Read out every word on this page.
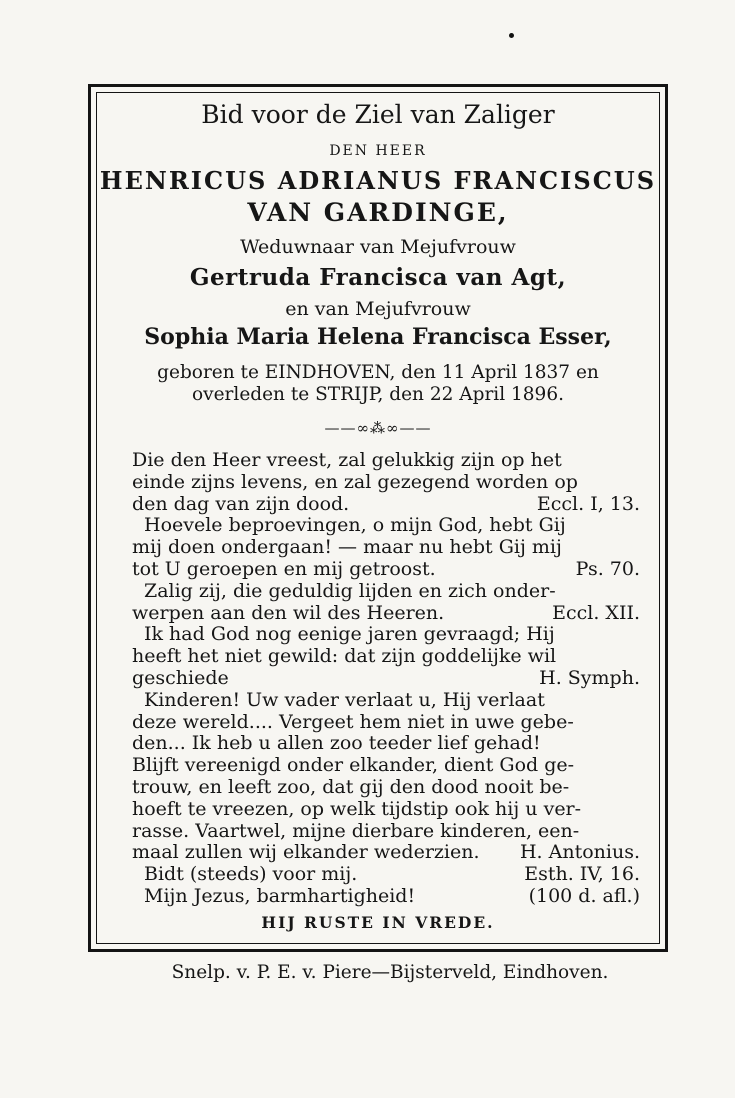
Bid voor de Ziel van Zaliger
DEN HEER
HENRICUS ADRIANUS FRANCISCUS
VAN GARDINGE,
Weduwnaar van Mejufvrouw
Gertruda Francisca van Agt,
en van Mejufvrouw
Sophia Maria Helena Francisca Esser,
geboren te EINDHOVEN, den 11 April 1837 en
overleden te STRIJP, den 22 April 1896.
——∞⁂∞——
Die den Heer vreest, zal gelukkig zijn op het
einde zijns levens, en zal gezegend worden op
den dag van zijn dood.	Eccl. I, 13.
Hoevele beproevingen, o mijn God, hebt Gij
mij doen ondergaan! — maar nu hebt Gij mij
tot U geroepen en mij getroost.	Ps. 70.
Zalig zij, die geduldig lijden en zich onder-
werpen aan den wil des Heeren.	Eccl. XII.
Ik had God nog eenige jaren gevraagd; Hij
heeft het niet gewild: dat zijn goddelijke wil
geschiede	H. Symph.
Kinderen! Uw vader verlaat u, Hij verlaat
deze wereld.... Vergeet hem niet in uwe gebe-
den... Ik heb u allen zoo teeder lief gehad!
Blijft vereenigd onder elkander, dient God ge-
trouw, en leeft zoo, dat gij den dood nooit be-
hoeft te vreezen, op welk tijdstip ook hij u ver-
rasse. Vaartwel, mijne dierbare kinderen, een-
maal zullen wij elkander wederzien. H. Antonius.
Bidt (steeds) voor mij.	Esth. IV, 16.
Mijn Jezus, barmhartigheid!	(100 d. afl.)
HIJ RUSTE IN VREDE.
Snelp. v. P. E. v. Piere—Bijsterveld, Eindhoven.
